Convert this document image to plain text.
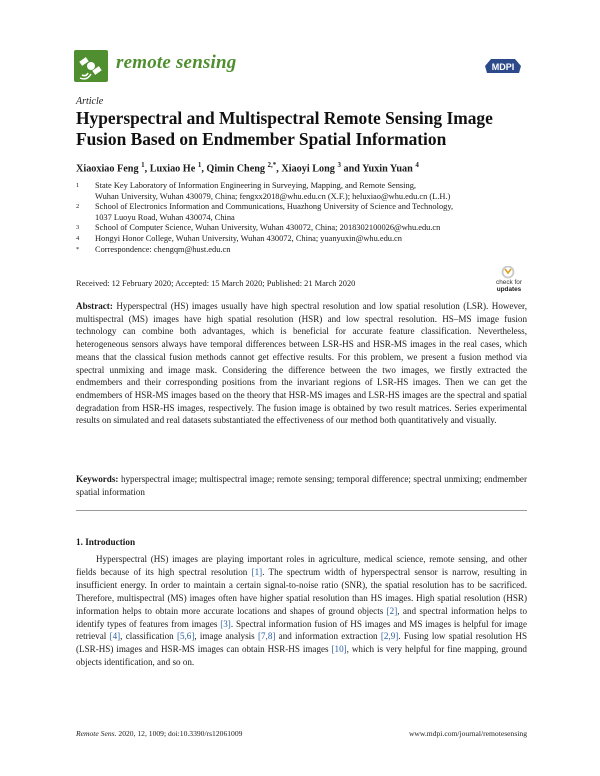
remote sensing	MDPI
Article
Hyperspectral and Multispectral Remote Sensing Image Fusion Based on Endmember Spatial Information
Xiaoxiao Feng $^1$, Luxiao He $^1$, Qimin Cheng $^{2,*}$, Xiaoyi Long $^3$ and Yuxin Yuan $^4$
1	State Key Laboratory of Information Engineering in Surveying, Mapping, and Remote Sensing,
Wuhan University, Wuhan 430079, China; fengxx2018@whu.edu.cn (X.F.); heluxiao@whu.edu.cn (L.H.)
2	School of Electronics Information and Communications, Huazhong University of Science and Technology,
1037 Luoyu Road, Wuhan 430074, China
3	School of Computer Science, Wuhan University, Wuhan 430072, China; 2018302100026@whu.edu.cn
4	Hongyi Honor College, Wuhan University, Wuhan 430072, China; yuanyuxin@whu.edu.cn
*	Correspondence: chengqm@hust.edu.cn
Received: 12 February 2020; Accepted: 15 March 2020; Published: 21 March 2020	check for
updates
Abstract: Hyperspectral (HS) images usually have high spectral resolution and low spatial resolution (LSR). However, multispectral (MS) images have high spatial resolution (HSR) and low spectral resolution. HS–MS image fusion technology can combine both advantages, which is beneficial for accurate feature classification. Nevertheless, heterogeneous sensors always have temporal differences between LSR-HS and HSR-MS images in the real cases, which means that the classical fusion methods cannot get effective results. For this problem, we present a fusion method via spectral unmixing and image mask. Considering the difference between the two images, we firstly extracted the endmembers and their corresponding positions from the invariant regions of LSR-HS images. Then we can get the endmembers of HSR-MS images based on the theory that HSR-MS images and LSR-HS images are the spectral and spatial degradation from HSR-HS images, respectively. The fusion image is obtained by two result matrices. Series experimental results on simulated and real datasets substantiated the effectiveness of our method both quantitatively and visually.
Keywords: hyperspectral image; multispectral image; remote sensing; temporal difference; spectral unmixing; endmember spatial information
1. Introduction
Hyperspectral (HS) images are playing important roles in agriculture, medical science, remote sensing, and other fields because of its high spectral resolution [1]. The spectrum width of hyperspectral sensor is narrow, resulting in insufficient energy. In order to maintain a certain signal-to-noise ratio (SNR), the spatial resolution has to be sacrificed. Therefore, multispectral (MS) images often have higher spatial resolution than HS images. High spatial resolution (HSR) information helps to obtain more accurate locations and shapes of ground objects [2], and spectral information helps to identify types of features from images [3]. Spectral information fusion of HS images and MS images is helpful for image retrieval [4], classification [5,6], image analysis [7,8] and information extraction [2,9]. Fusing low spatial resolution HS (LSR-HS) images and HSR-MS images can obtain HSR-HS images [10], which is very helpful for fine mapping, ground objects identification, and so on.
Remote Sens. 2020, 12, 1009; doi:10.3390/rs12061009	www.mdpi.com/journal/remotesensing
